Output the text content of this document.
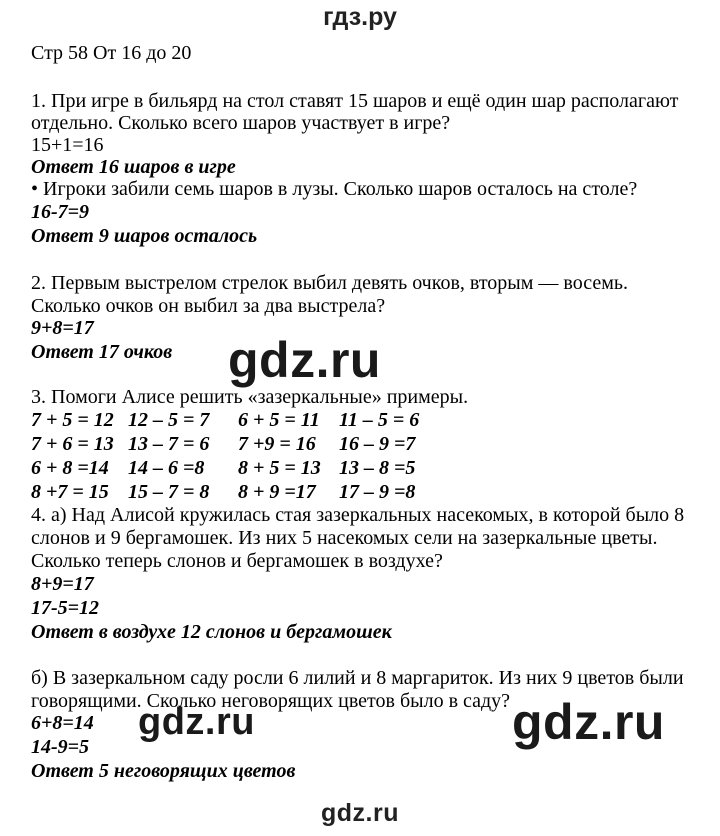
гдз.ру
Стр 58 От 16 до 20
1. При игре в бильярд на стол ставят 15 шаров и ещё один шар располагают
отдельно. Сколько всего шаров участвует в игре?
15+1=16
Ответ 16 шаров в игре
• Игроки забили семь шаров в лузы. Сколько шаров осталось на столе?
16-7=9
Ответ 9 шаров осталось
2. Первым выстрелом стрелок выбил девять очков, вторым — восемь.
Сколько очков он выбил за два выстрела?
9+8=17
Ответ 17 очков gdz.ru
3. Помоги Алисе решить «зазеркальные» примеры.
7 + 5 = 12 12 – 5 = 7 6 + 5 = 11 11 – 5 = 6
7 + 6 = 13 13 – 7 = 6 7 +9 = 16 16 – 9 =7
6 + 8 =14 14 – 6 =8 8 + 5 = 13 13 – 8 =5
8 +7 = 15 15 – 7 = 8 8 + 9 =17 17 – 9 =8
4. а) Над Алисой кружилась стая зазеркальных насекомых, в которой было 8
слонов и 9 бергамошек. Из них 5 насекомых сели на зазеркальные цветы.
Сколько теперь слонов и бергамошек в воздухе?
8+9=17
17-5=12
Ответ в воздухе 12 слонов и бергамошек
б) В зазеркальном саду росли 6 лилий и 8 маргариток. Из них 9 цветов были
говорящими. Сколько неговорящих цветов было в саду?
6+8=14
14-9=5
Ответ 5 неговорящих цветов
gdz.ru	gdz.ru
gdz.ru
